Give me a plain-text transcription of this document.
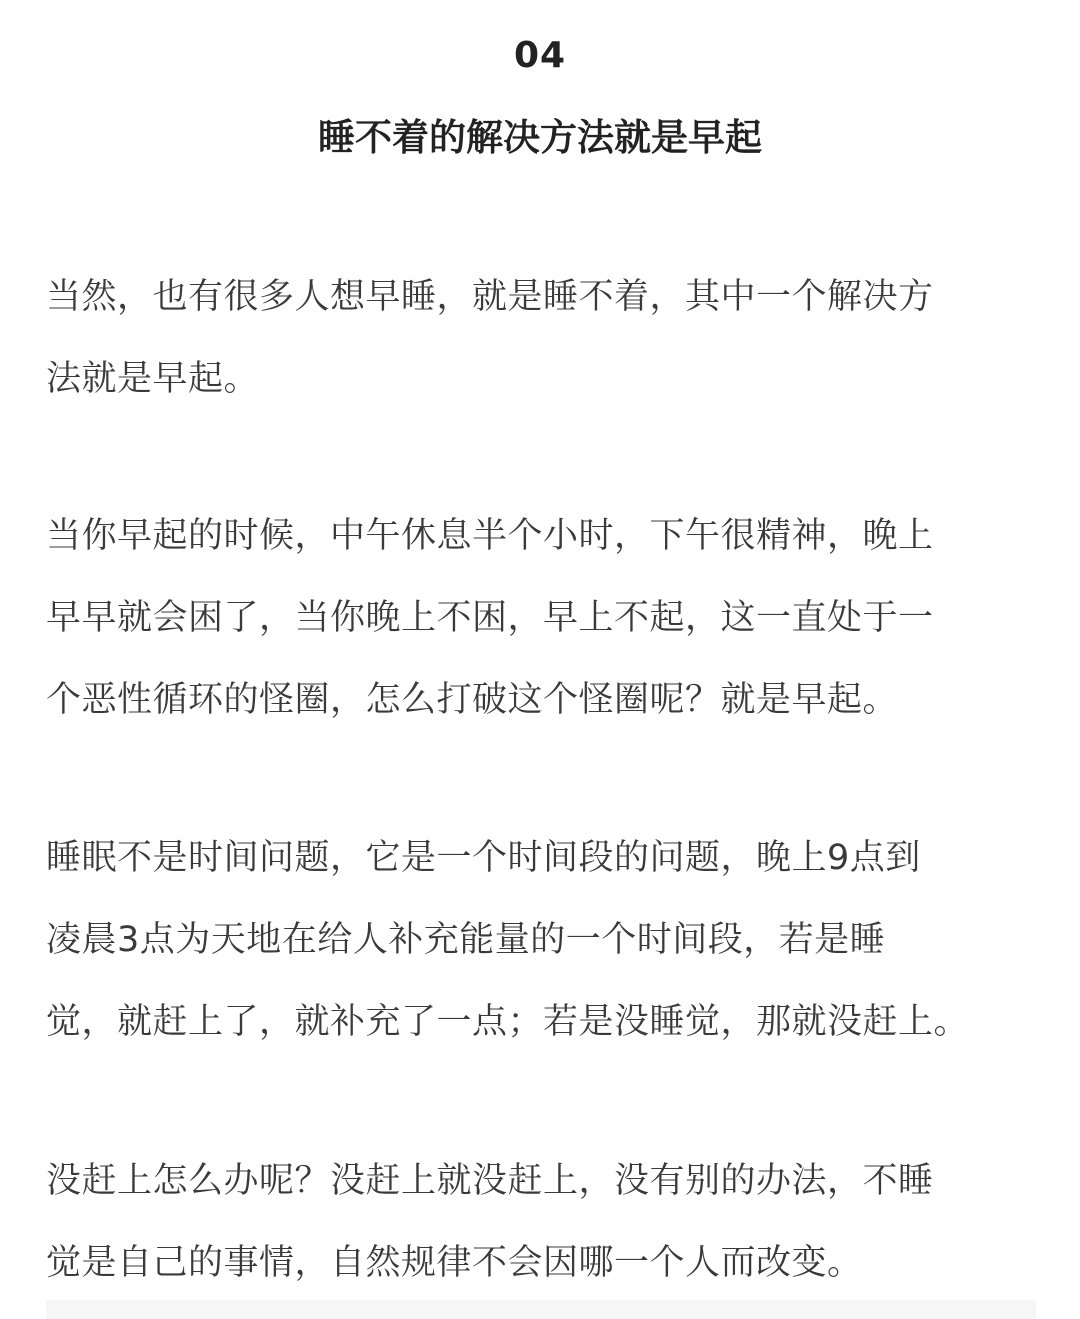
04
睡不着的解决方法就是早起

当然，也有很多人想早睡，就是睡不着，其中一个解决方
法就是早起。

当你早起的时候，中午休息半个小时，下午很精神，晚上
早早就会困了，当你晚上不困，早上不起，这一直处于一
个恶性循环的怪圈，怎么打破这个怪圈呢？就是早起。

睡眠不是时间问题，它是一个时间段的问题，晚上9点到
凌晨3点为天地在给人补充能量的一个时间段，若是睡
觉，就赶上了，就补充了一点；若是没睡觉，那就没赶上。

没赶上怎么办呢？没赶上就没赶上，没有别的办法，不睡
觉是自己的事情，自然规律不会因哪一个人而改变。
